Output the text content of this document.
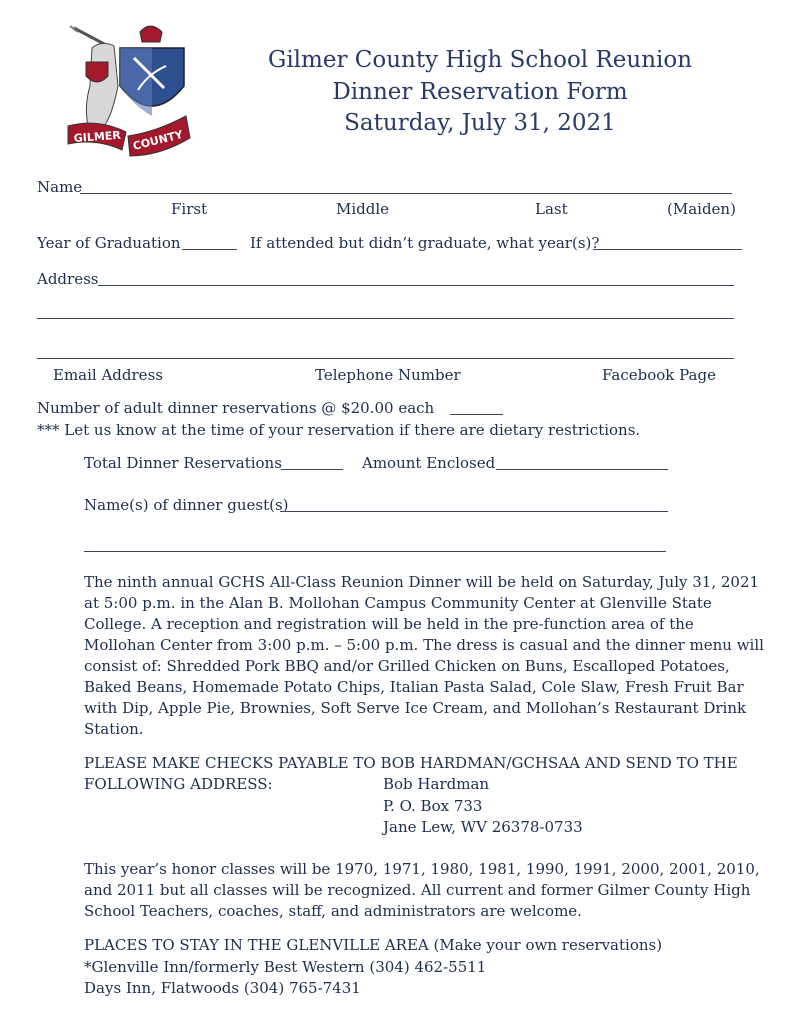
GILMER COUNTY
Gilmer County High School Reunion
Dinner Reservation Form
Saturday, July 31, 2021
Name
First	Middle	Last	(Maiden)
Year of Graduation	If attended but didn’t graduate, what year(s)?
Address
Email Address	Telephone Number	Facebook Page
Number of adult dinner reservations @ $20.00 each
*** Let us know at the time of your reservation if there are dietary restrictions.
Total Dinner Reservations	Amount Enclosed
Name(s) of dinner guest(s)
The ninth annual GCHS All-Class Reunion Dinner will be held on Saturday, July 31, 2021 at 5:00 p.m. in the Alan B. Mollohan Campus Community Center at Glenville State College. A reception and registration will be held in the pre-function area of the Mollohan Center from 3:00 p.m. – 5:00 p.m. The dress is casual and the dinner menu will consist of: Shredded Pork BBQ and/or Grilled Chicken on Buns, Escalloped Potatoes, Baked Beans, Homemade Potato Chips, Italian Pasta Salad, Cole Slaw, Fresh Fruit Bar with Dip, Apple Pie, Brownies, Soft Serve Ice Cream, and Mollohan’s Restaurant Drink Station.
PLEASE MAKE CHECKS PAYABLE TO BOB HARDMAN/GCHSAA AND SEND TO THE
FOLLOWING ADDRESS:	Bob Hardman
P. O. Box 733
Jane Lew, WV 26378-0733
This year’s honor classes will be 1970, 1971, 1980, 1981, 1990, 1991, 2000, 2001, 2010, and 2011 but all classes will be recognized. All current and former Gilmer County High School Teachers, coaches, staff, and administrators are welcome.
PLACES TO STAY IN THE GLENVILLE AREA (Make your own reservations)
*Glenville Inn/formerly Best Western (304) 462-5511
Days Inn, Flatwoods (304) 765-7431
